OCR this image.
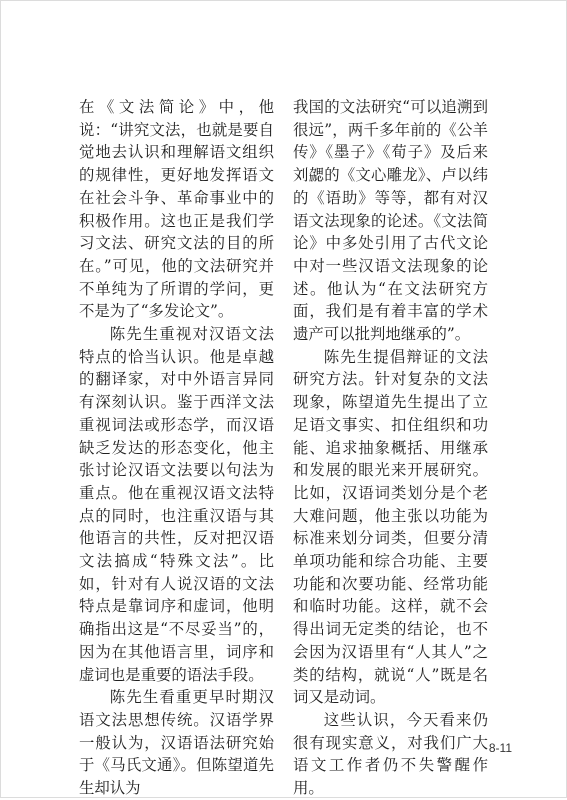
在《文法简论》中，他说：“讲究文法，也就是要自觉地去认识和理解语文组织的规律性，更好地发挥语文在社会斗争、革命事业中的积极作用。这也正是我们学习文法、研究文法的目的所在。”可见，他的文法研究并不单纯为了所谓的学问，更不是为了“多发论文”。

陈先生重视对汉语文法特点的恰当认识。他是卓越的翻译家，对中外语言异同有深刻认识。鉴于西洋文法重视词法或形态学，而汉语缺乏发达的形态变化，他主张讨论汉语文法要以句法为重点。他在重视汉语文法特点的同时，也注重汉语与其他语言的共性，反对把汉语文法搞成“特殊文法”。比如，针对有人说汉语的文法特点是靠词序和虚词，他明确指出这是“不尽妥当”的，因为在其他语言里，词序和虚词也是重要的语法手段。

陈先生看重更早时期汉语文法思想传统。汉语学界一般认为，汉语语法研究始于《马氏文通》。但陈望道先生却认为

我国的文法研究“可以追溯到很远”，两千多年前的《公羊传》《墨子》《荀子》及后来刘勰的《文心雕龙》、卢以纬的《语助》等等，都有对汉语文法现象的论述。《文法简论》中多处引用了古代文论中对一些汉语文法现象的论述。他认为“在文法研究方面，我们是有着丰富的学术遗产可以批判地继承的”。

陈先生提倡辩证的文法研究方法。针对复杂的文法现象，陈望道先生提出了立足语文事实、扣住组织和功能、追求抽象概括、用继承和发展的眼光来开展研究。比如，汉语词类划分是个老大难问题，他主张以功能为标准来划分词类，但要分清单项功能和综合功能、主要功能和次要功能、经常功能和临时功能。这样，就不会得出词无定类的结论，也不会因为汉语里有“人其人”之类的结构，就说“人”既是名词又是动词。

这些认识，今天看来仍很有现实意义，对我们广大语文工作者仍不失警醒作用。

8-11
